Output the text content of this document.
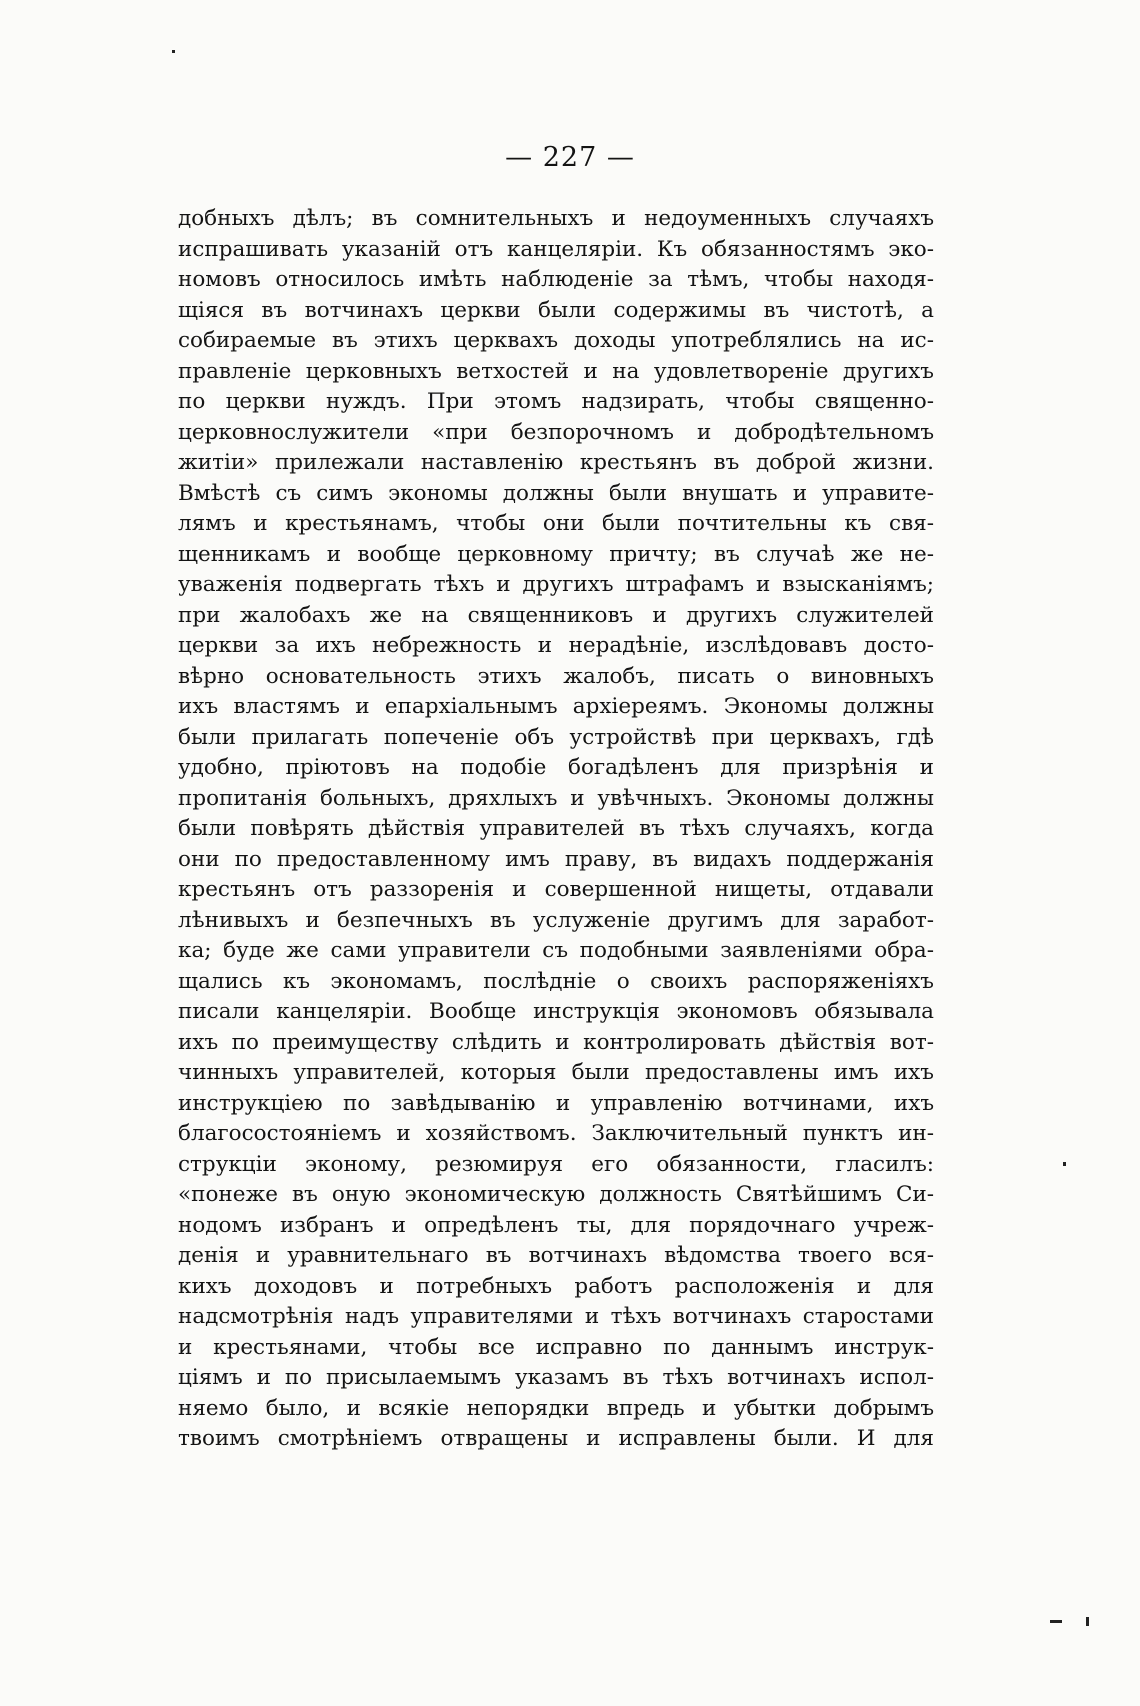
— 227 —
добныхъ дѣлъ; въ сомнительныхъ и недоуменныхъ случаяхъ
испрашивать указаній отъ канцеляріи. Къ обязанностямъ эко-
номовъ относилось имѣть наблюденіе за тѣмъ, чтобы находя-
щіяся въ вотчинахъ церкви были содержимы въ чистотѣ, а
собираемые въ этихъ церквахъ доходы употреблялись на ис-
правленіе церковныхъ ветхостей и на удовлетвореніе другихъ
по церкви нуждъ. При этомъ надзирать, чтобы священно-
церковнослужители «при безпорочномъ и добродѣтельномъ
житіи» прилежали наставленію крестьянъ въ доброй жизни.
Вмѣстѣ съ симъ экономы должны были внушать и управите-
лямъ и крестьянамъ, чтобы они были почтительны къ свя-
щенникамъ и вообще церковному причту; въ случаѣ же не-
уваженія подвергать тѣхъ и другихъ штрафамъ и взысканіямъ;
при жалобахъ же на священниковъ и другихъ служителей
церкви за ихъ небрежность и нерадѣніе, изслѣдовавъ досто-
вѣрно основательность этихъ жалобъ, писать о виновныхъ
ихъ властямъ и епархіальнымъ архіереямъ. Экономы должны
были прилагать попеченіе объ устройствѣ при церквахъ, гдѣ
удобно, пріютовъ на подобіе богадѣленъ для призрѣнія и
пропитанія больныхъ, дряхлыхъ и увѣчныхъ. Экономы должны
были повѣрять дѣйствія управителей въ тѣхъ случаяхъ, когда
они по предоставленному имъ праву, въ видахъ поддержанія
крестьянъ отъ раззоренія и совершенной нищеты, отдавали
лѣнивыхъ и безпечныхъ въ услуженіе другимъ для заработ-
ка; буде же сами управители съ подобными заявленіями обра-
щались къ экономамъ, послѣдніе о своихъ распоряженіяхъ
писали канцеляріи. Вообще инструкція экономовъ обязывала
ихъ по преимуществу слѣдить и контролировать дѣйствія вот-
чинныхъ управителей, которыя были предоставлены имъ ихъ
инструкціею по завѣдыванію и управленію вотчинами, ихъ
благосостояніемъ и хозяйствомъ. Заключительный пунктъ ин-
струкціи эконому, резюмируя его обязанности, гласилъ:
«понеже въ оную экономическую должность Святѣйшимъ Си-
нодомъ избранъ и опредѣленъ ты, для порядочнаго учреж-
денія и уравнительнаго въ вотчинахъ вѣдомства твоего вся-
кихъ доходовъ и потребныхъ работъ расположенія и для
надсмотрѣнія надъ управителями и тѣхъ вотчинахъ старостами
и крестьянами, чтобы все исправно по даннымъ инструк-
ціямъ и по присылаемымъ указамъ въ тѣхъ вотчинахъ испол-
няемо было, и всякіе непорядки впредь и убытки добрымъ
твоимъ смотрѣніемъ отвращены и исправлены были. И для
